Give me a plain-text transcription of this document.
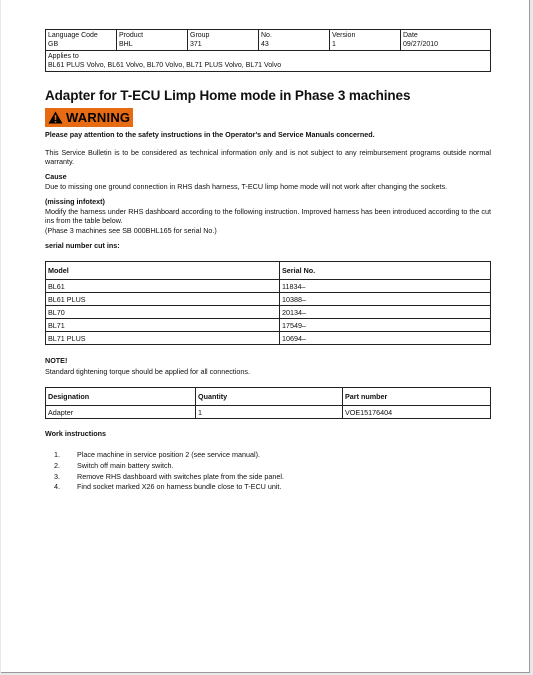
Language Code
GB

Product
BHL

Group
371

No.
43

Version
1

Date
09/27/2010

Applies to
BL61 PLUS Volvo, BL61 Volvo, BL70 Volvo, BL71 PLUS Volvo, BL71 Volvo
Adapter for T-ECU Limp Home mode in Phase 3 machines
WARNING

Please pay attention to the safety instructions in the Operator's and Service Manuals concerned.

This Service Bulletin is to be considered as technical information only and is not subject to any reimbursement programs outside normal warranty.

Cause

Due to missing one ground connection in RHS dash harness, T-ECU limp home mode will not work after changing the sockets.

(missing infotext)

Modify the harness under RHS dashboard according to the following instruction. Improved harness has been introduced according to the cut ins from the table below.

(Phase 3 machines see SB 000BHL165 for serial No.)

serial number cut ins:

Model	Serial No.
BL61	11834–
BL61 PLUS	10388–
BL70	20134–
BL71	17549–
BL71 PLUS	10694–

NOTE!

Standard tightening torque should be applied for all connections.

Designation	Quantity	Part number
Adapter	1	VOE15176404

Work instructions

1.	Place machine in service position 2 (see service manual).
2.	Switch off main battery switch.
3.	Remove RHS dashboard with switches plate from the side panel.
4.	Find socket marked X26 on harness bundle close to T-ECU unit.
